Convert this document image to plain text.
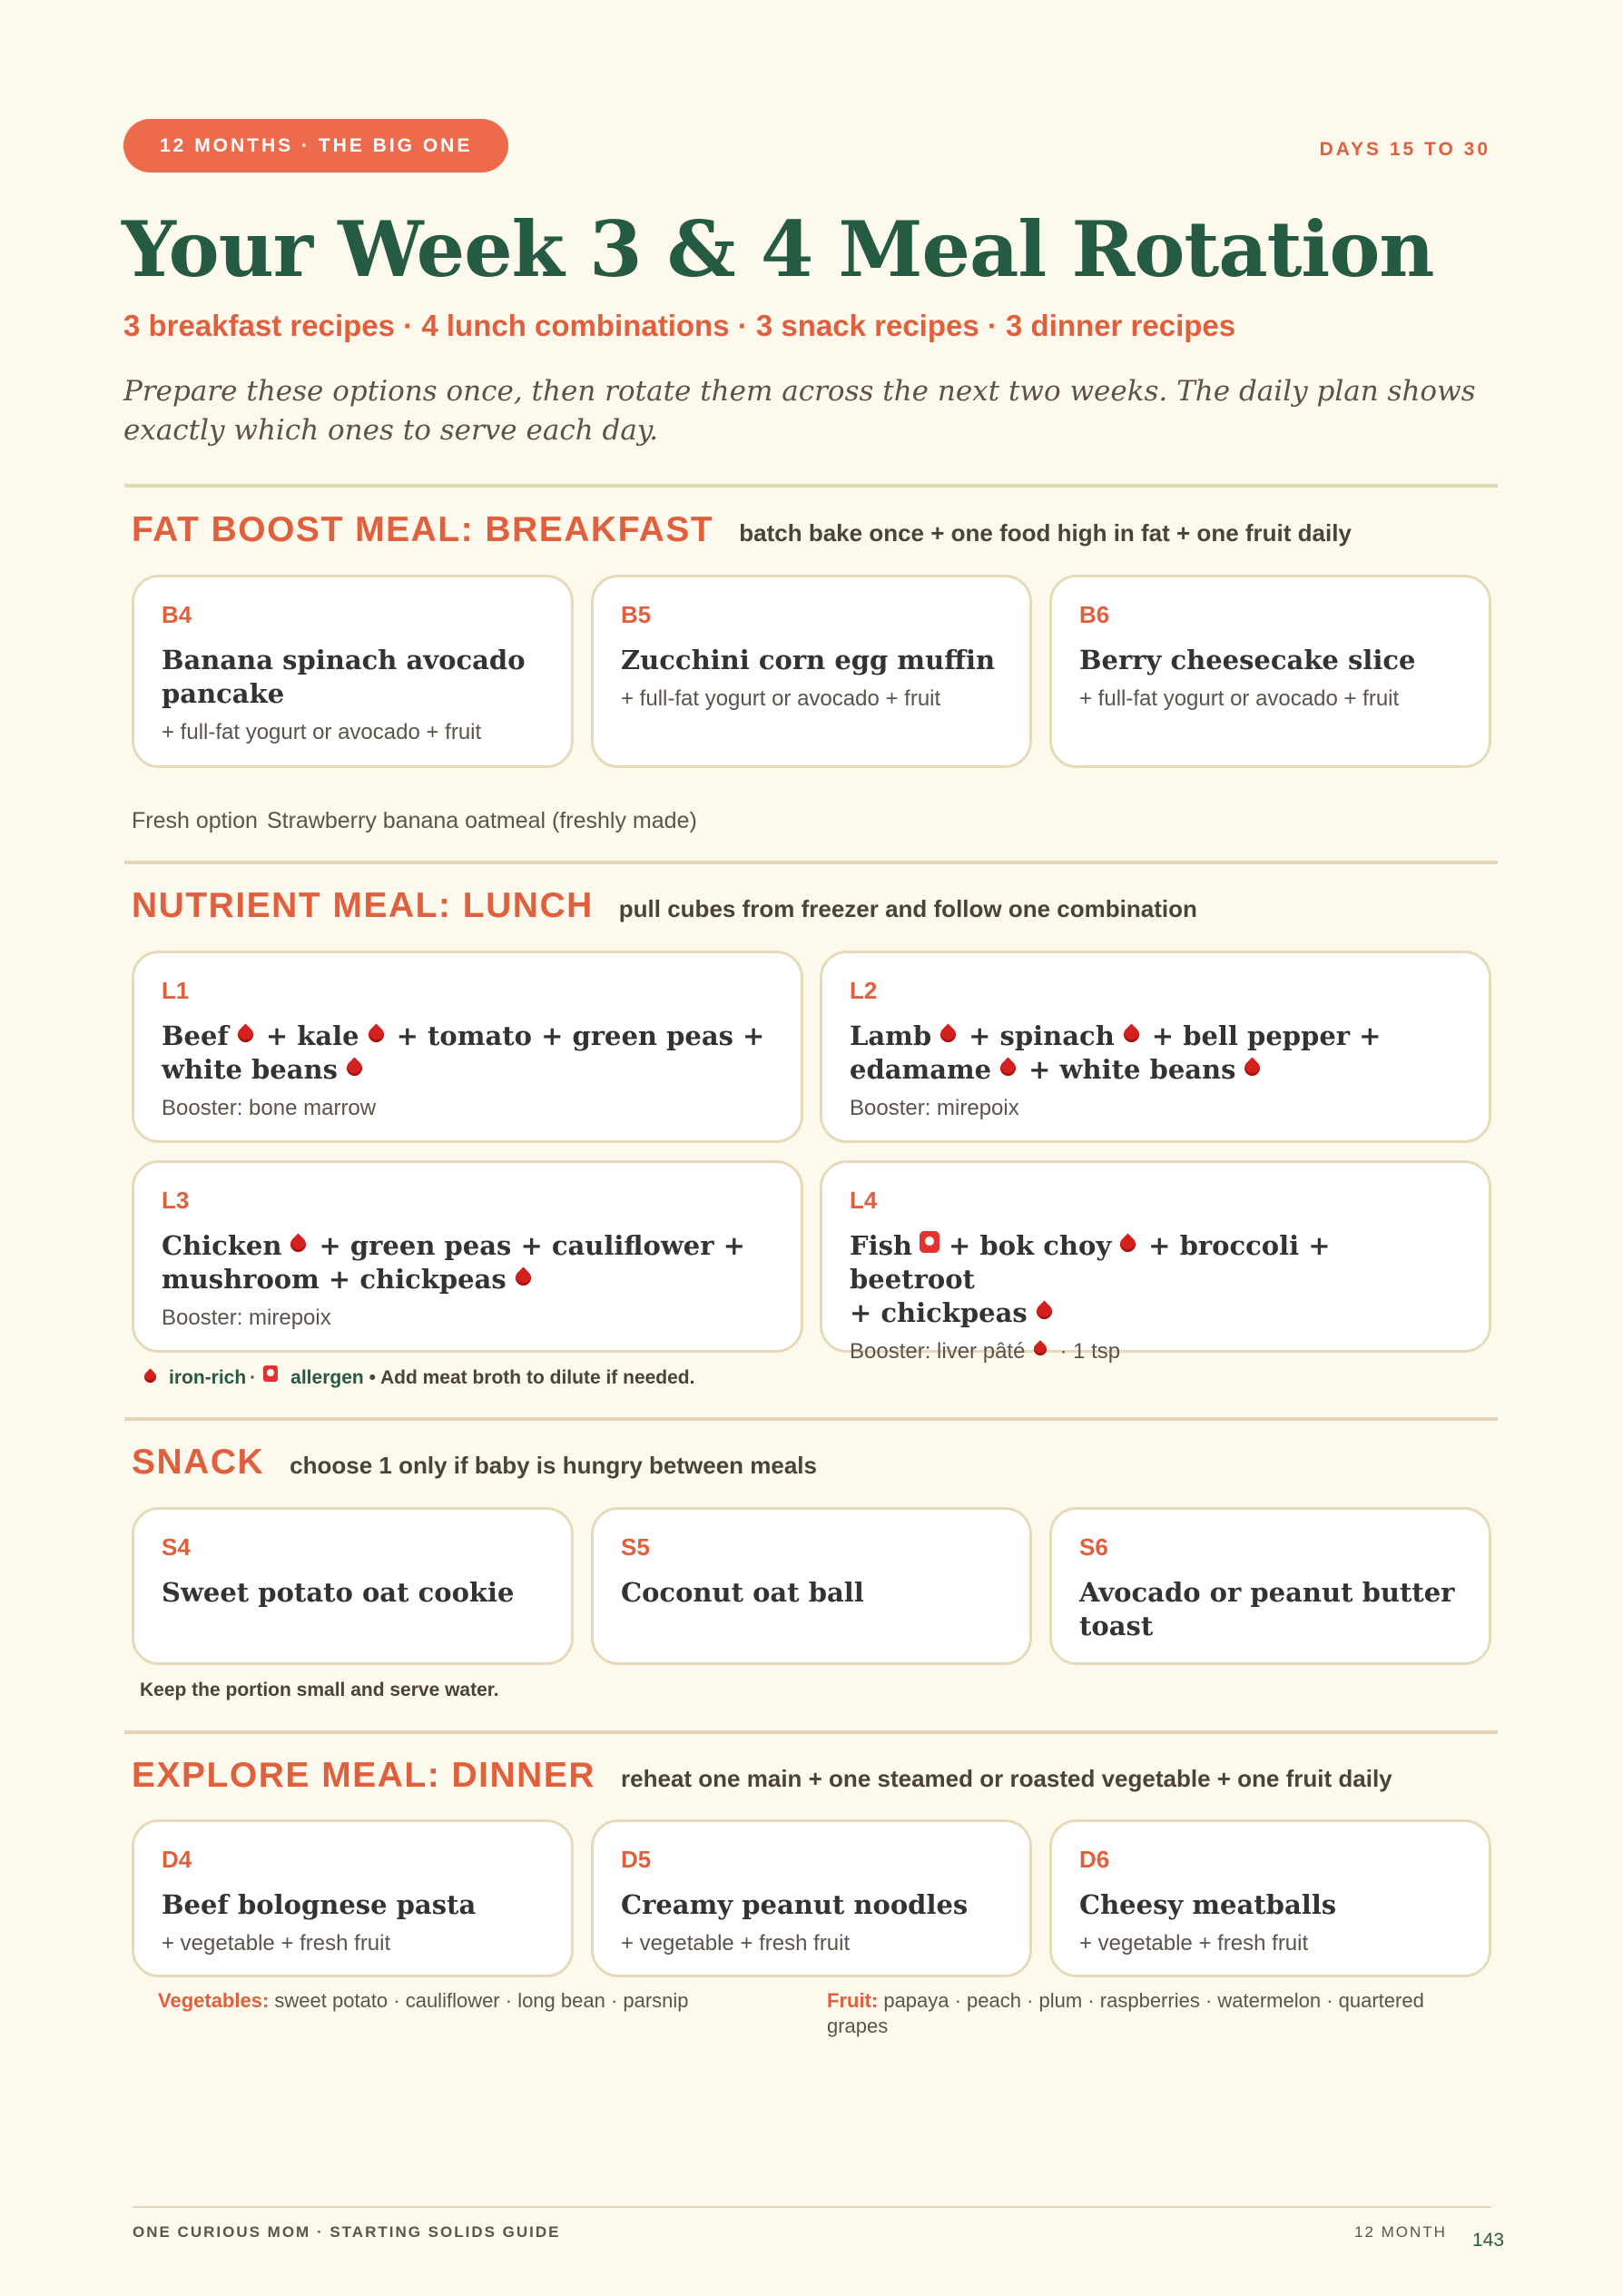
12 MONTHS · THE BIG ONE	DAYS 15 TO 30
Your Week 3 & 4 Meal Rotation
3 breakfast recipes · 4 lunch combinations · 3 snack recipes · 3 dinner recipes
Prepare these options once, then rotate them across the next two weeks. The daily plan shows exactly which ones to serve each day.
FAT BOOST MEAL: BREAKFAST batch bake once + one food high in fat + one fruit daily
B4
Banana spinach avocado pancake
+ full-fat yogurt or avocado + fruit
B5
Zucchini corn egg muffin
+ full-fat yogurt or avocado + fruit
B6
Berry cheesecake slice
+ full-fat yogurt or avocado + fruit
Fresh option Strawberry banana oatmeal (freshly made)
NUTRIENT MEAL: LUNCH pull cubes from freezer and follow one combination
L1
Beef + kale + tomato + green peas +
white beans
Booster: bone marrow
L2
Lamb + spinach + bell pepper +
edamame + white beans
Booster: mirepoix
L3
Chicken + green peas + cauliflower +
mushroom + chickpeas
Booster: mirepoix
L4
Fish + bok choy + broccoli + beetroot
+ chickpeas
Booster: liver pâté · 1 tsp
iron-rich · allergen • Add meat broth to dilute if needed.
SNACK choose 1 only if baby is hungry between meals
S4
Sweet potato oat cookie
S5
Coconut oat ball
S6
Avocado or peanut butter toast
Keep the portion small and serve water.
EXPLORE MEAL: DINNER reheat one main + one steamed or roasted vegetable + one fruit daily
D4
Beef bolognese pasta
+ vegetable + fresh fruit
D5
Creamy peanut noodles
+ vegetable + fresh fruit
D6
Cheesy meatballs
+ vegetable + fresh fruit
Vegetables: sweet potato · cauliflower · long bean · parsnip	Fruit: papaya · peach · plum · raspberries · watermelon · quartered grapes
ONE CURIOUS MOM · STARTING SOLIDS GUIDE	12 MONTH 143
